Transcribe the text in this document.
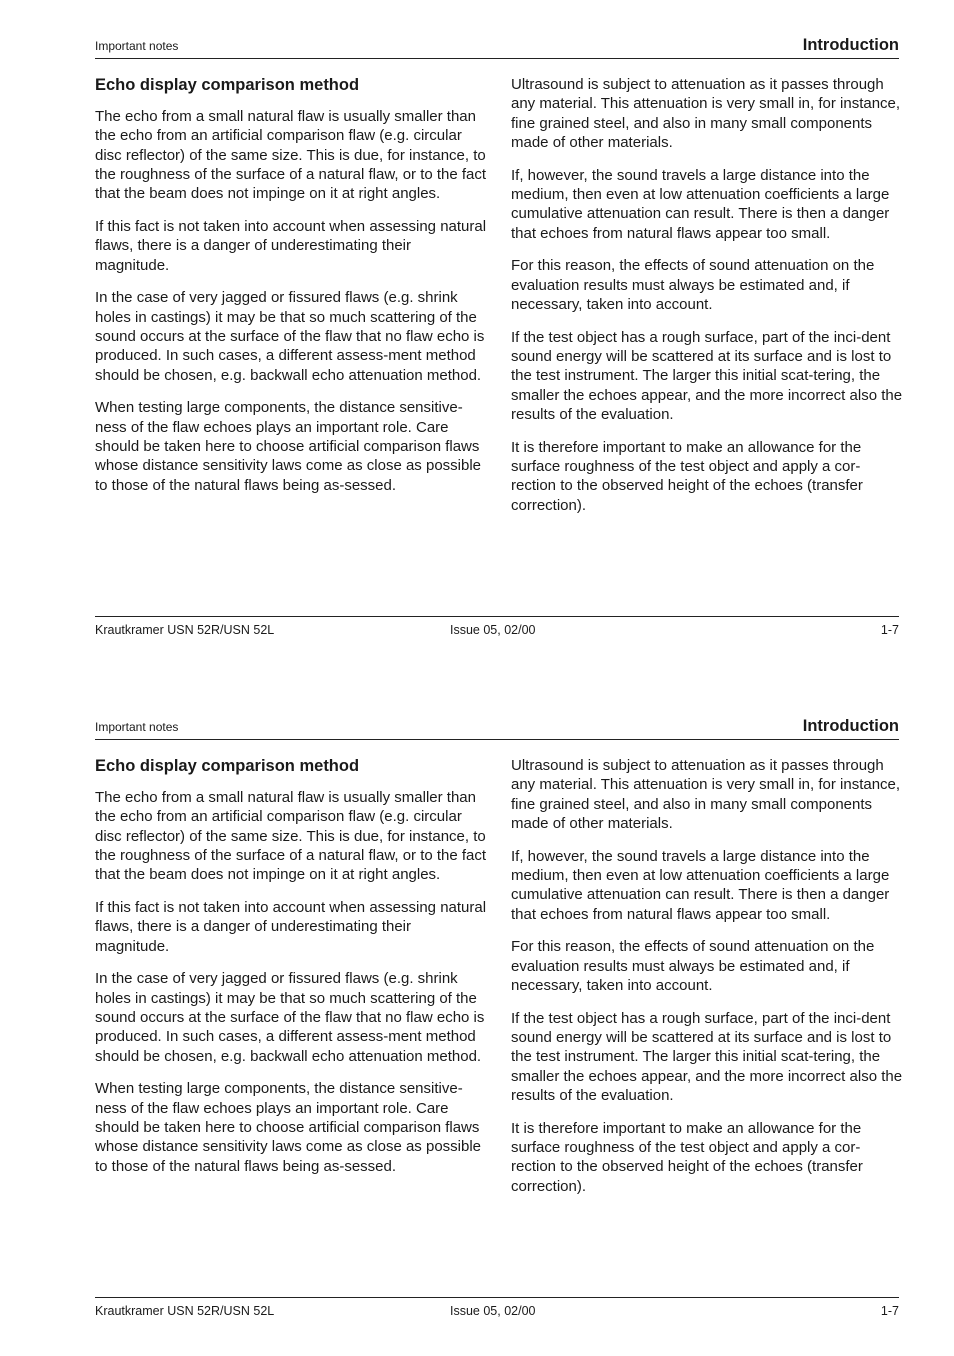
Important notes	Introduction
Echo display comparison method

The echo from a small natural flaw is usually smaller than the echo from an artificial comparison flaw (e.g. circular disc reflector) of the same size. This is due, for instance, to the roughness of the surface of a natural flaw, or to the fact that the beam does not impinge on it at right angles.

If this fact is not taken into account when assessing natural flaws, there is a danger of underestimating their magnitude.

In the case of very jagged or fissured flaws (e.g. shrink holes in castings) it may be that so much scattering of the sound occurs at the surface of the flaw that no flaw echo is produced. In such cases, a different assess-ment method should be chosen, e.g. backwall echo attenuation method.

When testing large components, the distance sensitive-ness of the flaw echoes plays an important role. Care should be taken here to choose artificial comparison flaws whose distance sensitivity laws come as close as possible to those of the natural flaws being as-sessed.

Ultrasound is subject to attenuation as it passes through any material. This attenuation is very small in, for instance, fine grained steel, and also in many small components made of other materials.

If, however, the sound travels a large distance into the medium, then even at low attenuation coefficients a large cumulative attenuation can result. There is then a danger that echoes from natural flaws appear too small.

For this reason, the effects of sound attenuation on the evaluation results must always be estimated and, if necessary, taken into account.

If the test object has a rough surface, part of the inci-dent sound energy will be scattered at its surface and is lost to the test instrument. The larger this initial scat-tering, the smaller the echoes appear, and the more incorrect also the results of the evaluation.

It is therefore important to make an allowance for the surface roughness of the test object and apply a cor-rection to the observed height of the echoes (transfer correction).

Krautkramer USN 52R/USN 52L	Issue 05, 02/00	1-7
Important notes	Introduction
Echo display comparison method

The echo from a small natural flaw is usually smaller than the echo from an artificial comparison flaw (e.g. circular disc reflector) of the same size. This is due, for instance, to the roughness of the surface of a natural flaw, or to the fact that the beam does not impinge on it at right angles.

If this fact is not taken into account when assessing natural flaws, there is a danger of underestimating their magnitude.

In the case of very jagged or fissured flaws (e.g. shrink holes in castings) it may be that so much scattering of the sound occurs at the surface of the flaw that no flaw echo is produced. In such cases, a different assess-ment method should be chosen, e.g. backwall echo attenuation method.

When testing large components, the distance sensitive-ness of the flaw echoes plays an important role. Care should be taken here to choose artificial comparison flaws whose distance sensitivity laws come as close as possible to those of the natural flaws being as-sessed.

Ultrasound is subject to attenuation as it passes through any material. This attenuation is very small in, for instance, fine grained steel, and also in many small components made of other materials.

If, however, the sound travels a large distance into the medium, then even at low attenuation coefficients a large cumulative attenuation can result. There is then a danger that echoes from natural flaws appear too small.

For this reason, the effects of sound attenuation on the evaluation results must always be estimated and, if necessary, taken into account.

If the test object has a rough surface, part of the inci-dent sound energy will be scattered at its surface and is lost to the test instrument. The larger this initial scat-tering, the smaller the echoes appear, and the more incorrect also the results of the evaluation.

It is therefore important to make an allowance for the surface roughness of the test object and apply a cor-rection to the observed height of the echoes (transfer correction).

Krautkramer USN 52R/USN 52L	Issue 05, 02/00	1-7
